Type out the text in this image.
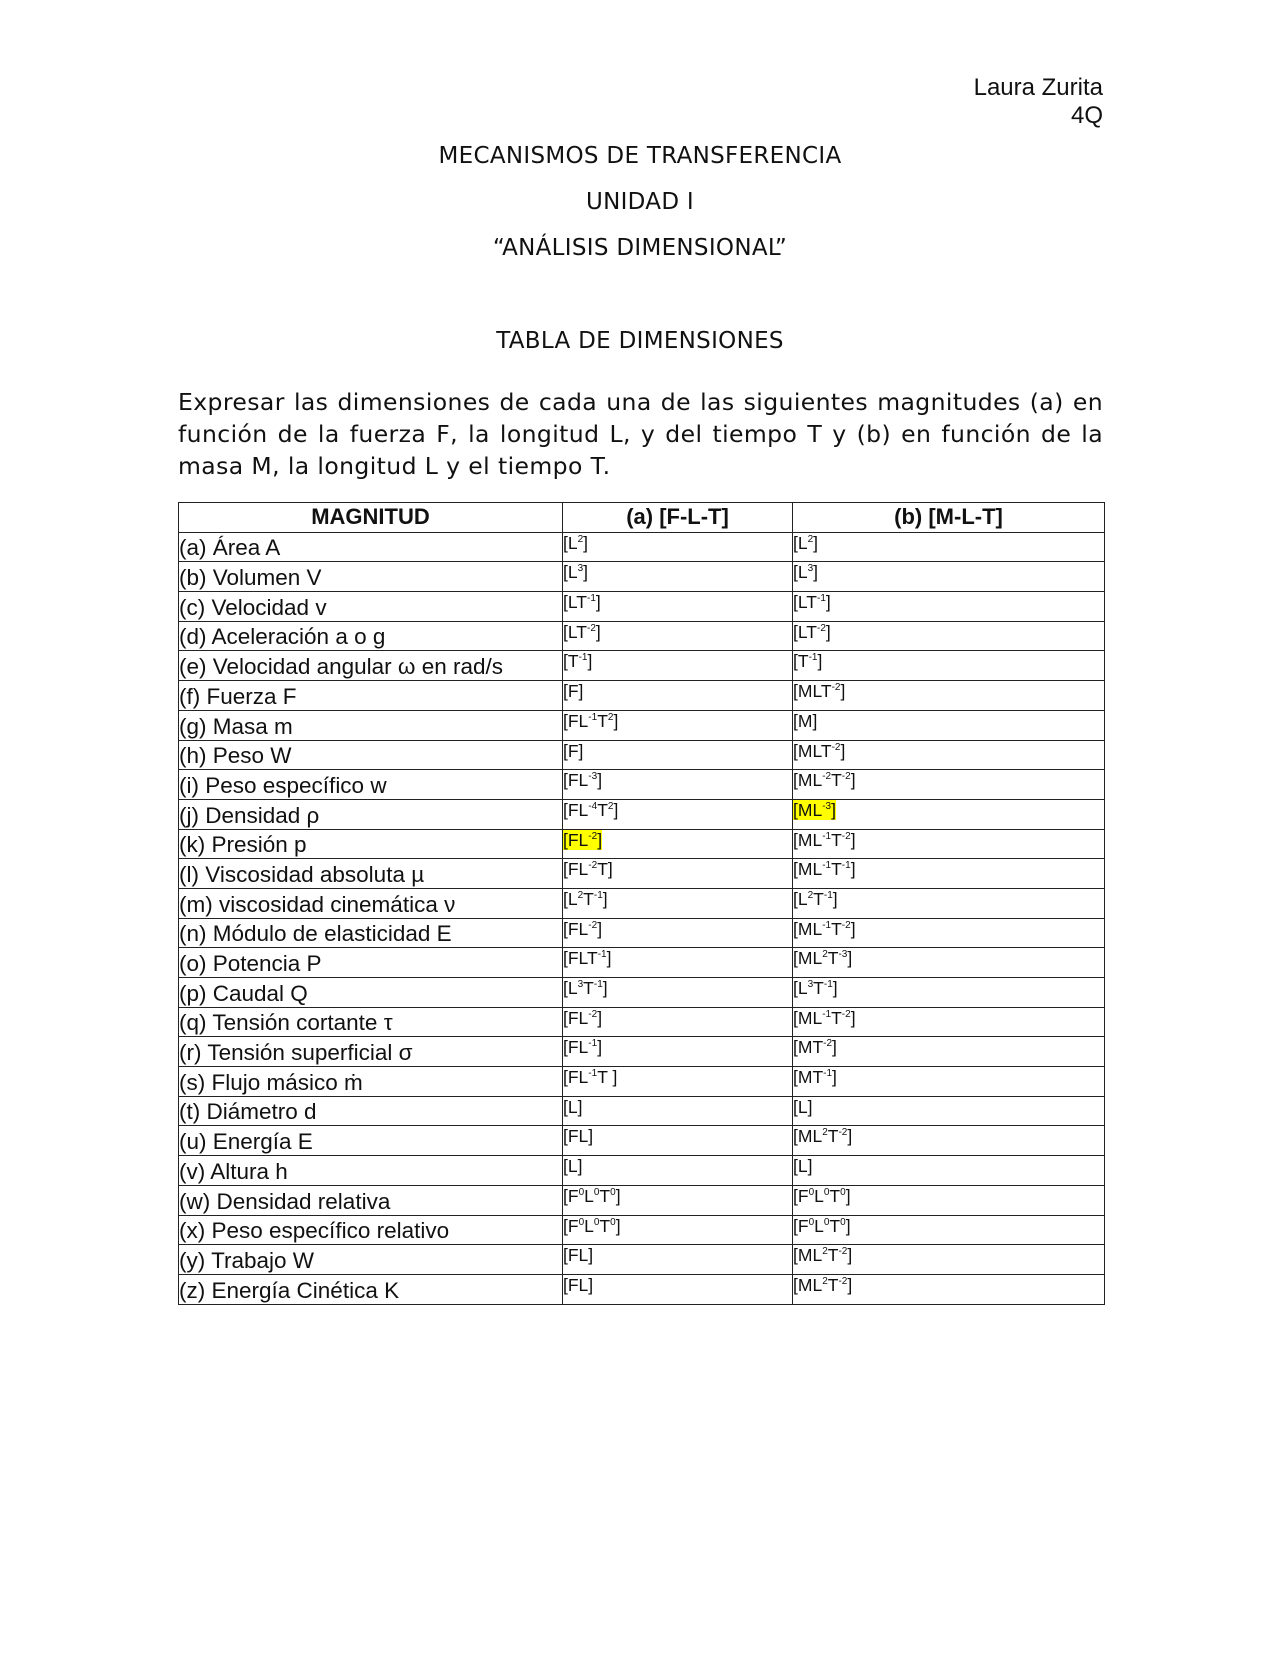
Laura Zurita
4Q
MECANISMOS DE TRANSFERENCIA
UNIDAD I
“ANÁLISIS DIMENSIONAL”
TABLA DE DIMENSIONES
Expresar las dimensiones de cada una de las siguientes magnitudes (a) en función de la fuerza F, la longitud L, y del tiempo T y (b) en función de la masa M, la longitud L y el tiempo T.
MAGNITUD	(a) [F-L-T]	(b) [M-L-T]
(a) Área A	$[L^2]$	$[L^2]$
(b) Volumen V	$[L^3]$	$[L^3]$
(c) Velocidad v	$[LT^{-1}]$	$[LT^{-1}]$
(d) Aceleración a o g	$[LT^{-2}]$	$[LT^{-2}]$
(e) Velocidad angular ω en rad/s	$[T^{-1}]$	$[T^{-1}]$
(f) Fuerza F	[F]	$[MLT^{-2}]$
(g) Masa m	$[FL^{-1}T^2]$	[M]
(h) Peso W	[F]	$[MLT^{-2}]$
(i) Peso específico w	$[FL^{-3}]$	$[ML^{-2}T^{-2}]$
(j) Densidad ρ	$[FL^{-4}T^2]$	$[ML^{-3}]$
(k) Presión p	$[FL^{-2}]$	$[ML^{-1}T^{-2}]$
(l) Viscosidad absoluta µ	$[FL^{-2}T]$	$[ML^{-1}T^{-1}]$
(m) viscosidad cinemática ν	$[L^2T^{-1}]$	$[L^2T^{-1}]$
(n) Módulo de elasticidad E	$[FL^{-2}]$	$[ML^{-1}T^{-2}]$
(o) Potencia P	$[FLT^{-1}]$	$[ML^2T^{-3}]$
(p) Caudal Q	$[L^3T^{-1}]$	$[L^3T^{-1}]$
(q) Tensión cortante τ	$[FL^{-2}]$	$[ML^{-1}T^{-2}]$
(r) Tensión superficial σ	$[FL^{-1}]$	$[MT^{-2}]$
(s) Flujo másico ṁ	[$FL^{-1}T$ ]	$[MT^{-1}]$
(t) Diámetro d	[L]	[L]
(u) Energía E	[FL]	$[ML^2T^{-2}]$
(v) Altura h	[L]	[L]
(w) Densidad relativa	$[F^0L^0T^0]$	$[F^0L^0T^0]$
(x) Peso específico relativo	$[F^0L^0T^0]$	$[F^0L^0T^0]$
(y) Trabajo W	[FL]	$[ML^2T^{-2}]$
(z) Energía Cinética K	[FL]	$[ML^2T^{-2}]$
